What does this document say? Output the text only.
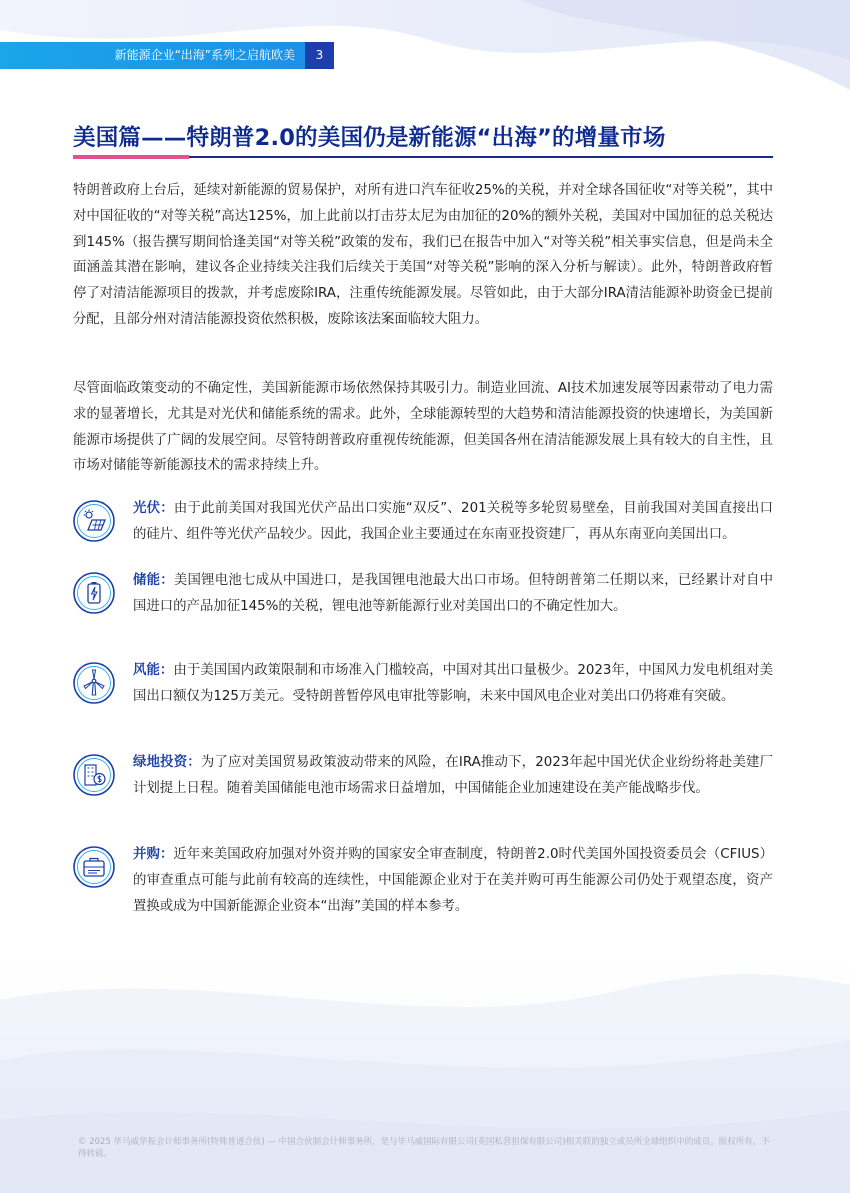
新能源企业“出海”系列之启航欧美	3
美国篇——特朗普2.0的美国仍是新能源“出海”的增量市场
特朗普政府上台后，延续对新能源的贸易保护，对所有进口汽车征收25%的关税，并对全球各国征收“对等关税”，其中对中国征收的“对等关税”高达125%，加上此前以打击芬太尼为由加征的20%的额外关税，美国对中国加征的总关税达到145%（报告撰写期间恰逢美国“对等关税”政策的发布，我们已在报告中加入“对等关税”相关事实信息，但是尚未全面涵盖其潜在影响，建议各企业持续关注我们后续关于美国“对等关税”影响的深入分析与解读）。此外，特朗普政府暂停了对清洁能源项目的拨款，并考虑废除IRA，注重传统能源发展。尽管如此，由于大部分IRA清洁能源补助资金已提前分配，且部分州对清洁能源投资依然积极，废除该法案面临较大阻力。
尽管面临政策变动的不确定性，美国新能源市场依然保持其吸引力。制造业回流、AI技术加速发展等因素带动了电力需求的显著增长，尤其是对光伏和储能系统的需求。此外，全球能源转型的大趋势和清洁能源投资的快速增长，为美国新能源市场提供了广阔的发展空间。尽管特朗普政府重视传统能源，但美国各州在清洁能源发展上具有较大的自主性，且市场对储能等新能源技术的需求持续上升。
光伏：由于此前美国对我国光伏产品出口实施“双反”、201关税等多轮贸易壁垒，目前我国对美国直接出口的硅片、组件等光伏产品较少。因此，我国企业主要通过在东南亚投资建厂，再从东南亚向美国出口。
储能：美国锂电池七成从中国进口，是我国锂电池最大出口市场。但特朗普第二任期以来，已经累计对自中国进口的产品加征145%的关税，锂电池等新能源行业对美国出口的不确定性加大。
风能：由于美国国内政策限制和市场准入门槛较高，中国对其出口量极少。2023年，中国风力发电机组对美国出口额仅为125万美元。受特朗普暂停风电审批等影响，未来中国风电企业对美出口仍将难有突破。
绿地投资：为了应对美国贸易政策波动带来的风险，在IRA推动下，2023年起中国光伏企业纷纷将赴美建厂计划提上日程。随着美国储能电池市场需求日益增加，中国储能企业加速建设在美产能战略步伐。
并购：近年来美国政府加强对外资并购的国家安全审查制度，特朗普2.0时代美国外国投资委员会（CFIUS）的审查重点可能与此前有较高的连续性，中国能源企业对于在美并购可再生能源公司仍处于观望态度，资产置换或成为中国新能源企业资本“出海”美国的样本参考。
© 2025 毕马威华振会计师事务所(特殊普通合伙) — 中国合伙制会计师事务所，是与毕马威国际有限公司(英国私营担保有限公司)相关联的独立成员所全球组织中的成员。版权所有，不得转载。
